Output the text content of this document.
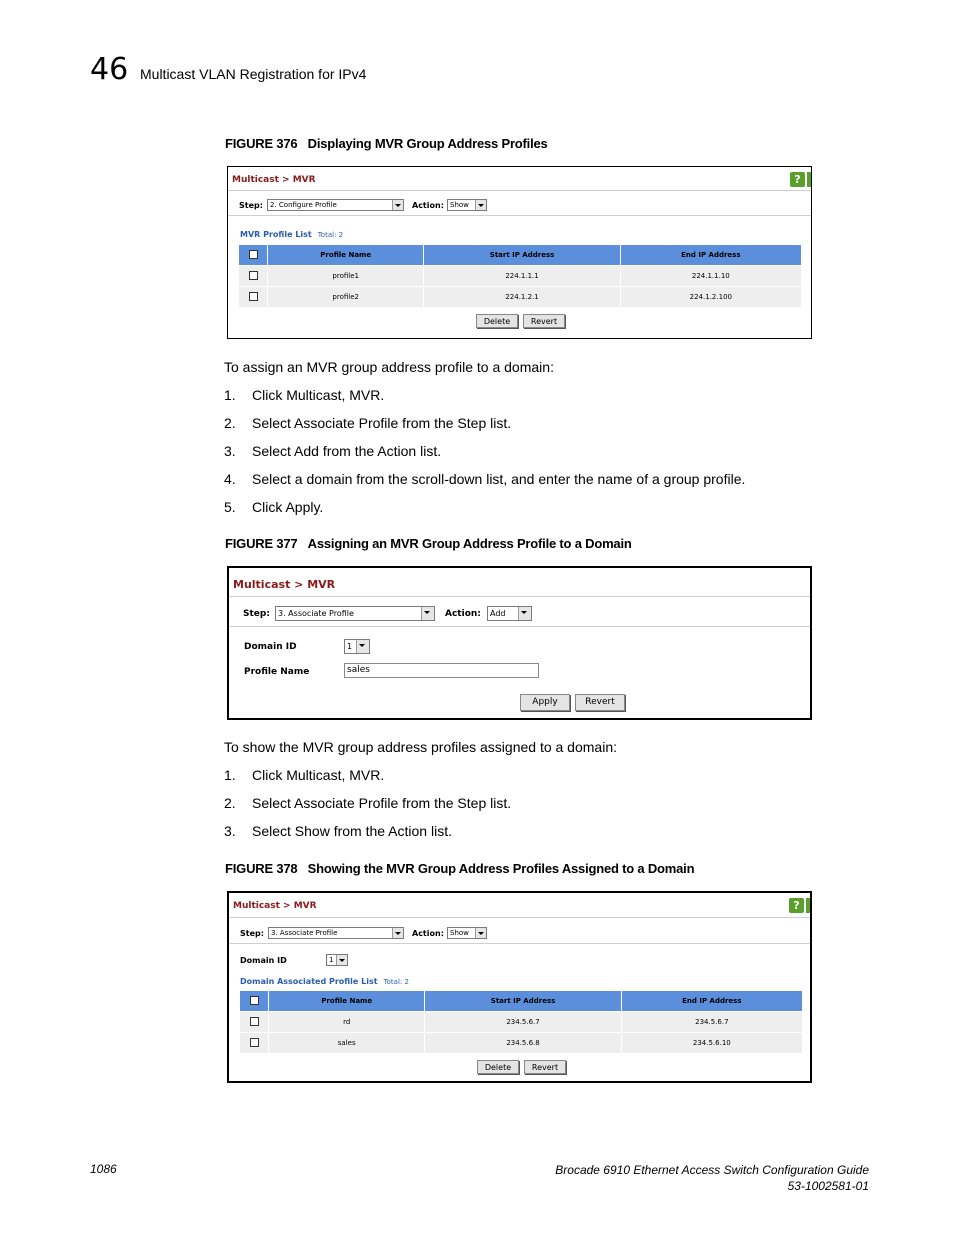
46 Multicast VLAN Registration for IPv4
FIGURE 376 Displaying MVR Group Address Profiles
Multicast > MVR	?
Step:	2. Configure Profile	Action: Show
MVR Profile List Total: 2
	Profile Name	Start IP Address	End IP Address
	profile1	224.1.1.1	224.1.1.10
	profile2	224.1.2.1	224.1.2.100
Delete	Revert
To assign an MVR group address profile to a domain:
1. Click Multicast, MVR.
2. Select Associate Profile from the Step list.
3. Select Add from the Action list.
4. Select a domain from the scroll-down list, and enter the name of a group profile.
5. Click Apply.
FIGURE 377 Assigning an MVR Group Address Profile to a Domain
Multicast > MVR
Step:	3. Associate Profile	Action:	Add
Domain ID	1
Profile Name	sales
Apply	Revert
To show the MVR group address profiles assigned to a domain:
1. Click Multicast, MVR.
2. Select Associate Profile from the Step list.
3. Select Show from the Action list.
FIGURE 378 Showing the MVR Group Address Profiles Assigned to a Domain
Multicast > MVR	?
Step:	3. Associate Profile	Action: Show
Domain ID	1
Domain Associated Profile List Total: 2
	Profile Name	Start IP Address	End IP Address
	rd	234.5.6.7	234.5.6.7
	sales	234.5.6.8	234.5.6.10
Delete	Revert
1086	Brocade 6910 Ethernet Access Switch Configuration Guide
53-1002581-01
